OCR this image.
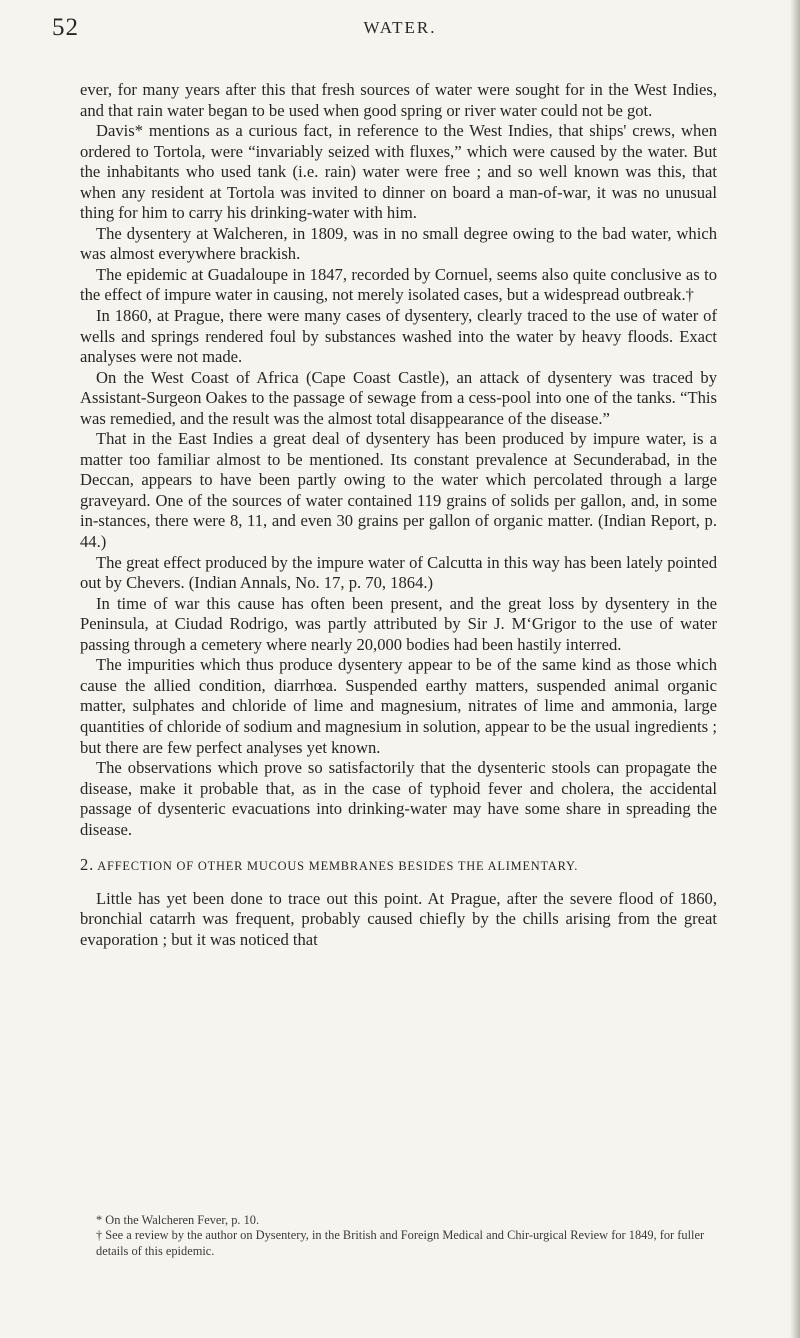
52	WATER.

ever, for many years after this that fresh sources of water were sought for in the West Indies, and that rain water began to be used when good spring or river water could not be got.

Davis* mentions as a curious fact, in reference to the West Indies, that ships' crews, when ordered to Tortola, were “invariably seized with fluxes,” which were caused by the water. But the inhabitants who used tank (i.e. rain) water were free ; and so well known was this, that when any resident at Tortola was invited to dinner on board a man-of-war, it was no unusual thing for him to carry his drinking-water with him.

The dysentery at Walcheren, in 1809, was in no small degree owing to the bad water, which was almost everywhere brackish.

The epidemic at Guadaloupe in 1847, recorded by Cornuel, seems also quite conclusive as to the effect of impure water in causing, not merely isolated cases, but a widespread outbreak.†

In 1860, at Prague, there were many cases of dysentery, clearly traced to the use of water of wells and springs rendered foul by substances washed into the water by heavy floods. Exact analyses were not made.

On the West Coast of Africa (Cape Coast Castle), an attack of dysentery was traced by Assistant-Surgeon Oakes to the passage of sewage from a cess-pool into one of the tanks. “This was remedied, and the result was the almost total disappearance of the disease.”

That in the East Indies a great deal of dysentery has been produced by impure water, is a matter too familiar almost to be mentioned. Its constant prevalence at Secunderabad, in the Deccan, appears to have been partly owing to the water which percolated through a large graveyard. One of the sources of water contained 119 grains of solids per gallon, and, in some in-stances, there were 8, 11, and even 30 grains per gallon of organic matter. (Indian Report, p. 44.)

The great effect produced by the impure water of Calcutta in this way has been lately pointed out by Chevers. (Indian Annals, No. 17, p. 70, 1864.)

In time of war this cause has often been present, and the great loss by dysentery in the Peninsula, at Ciudad Rodrigo, was partly attributed by Sir J. M‘Grigor to the use of water passing through a cemetery where nearly 20,000 bodies had been hastily interred.

The impurities which thus produce dysentery appear to be of the same kind as those which cause the allied condition, diarrhœa. Suspended earthy matters, suspended animal organic matter, sulphates and chloride of lime and magnesium, nitrates of lime and ammonia, large quantities of chloride of sodium and magnesium in solution, appear to be the usual ingredients ; but there are few perfect analyses yet known.

The observations which prove so satisfactorily that the dysenteric stools can propagate the disease, make it probable that, as in the case of typhoid fever and cholera, the accidental passage of dysenteric evacuations into drinking-water may have some share in spreading the disease.

2. AFFECTION OF OTHER MUCOUS MEMBRANES BESIDES THE ALIMENTARY.

Little has yet been done to trace out this point. At Prague, after the severe flood of 1860, bronchial catarrh was frequent, probably caused chiefly by the chills arising from the great evaporation ; but it was noticed that

* On the Walcheren Fever, p. 10.
† See a review by the author on Dysentery, in the British and Foreign Medical and Chir-urgical Review for 1849, for fuller details of this epidemic.
